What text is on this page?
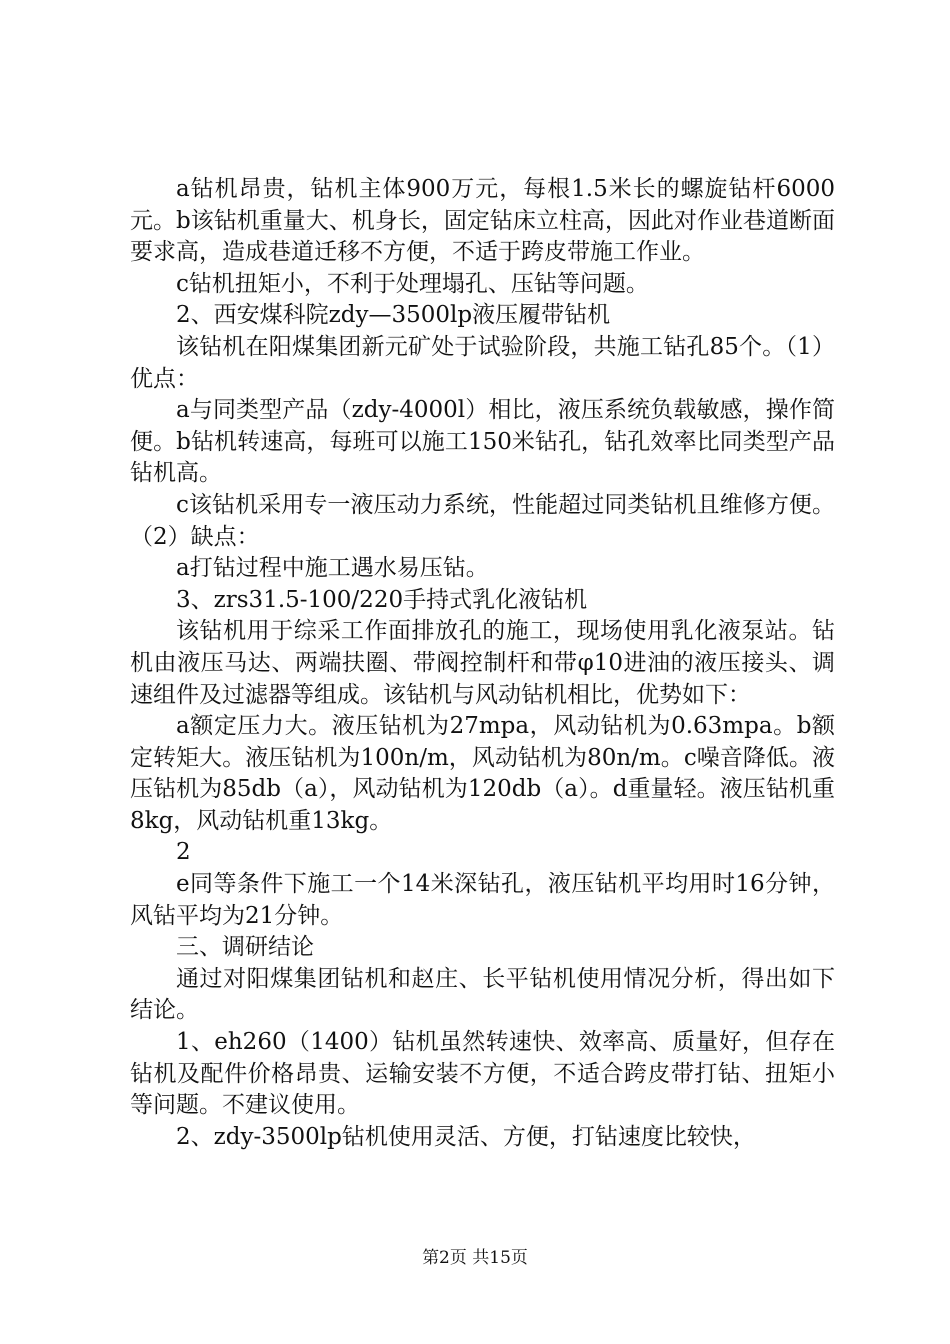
a钻机昂贵，钻机主体900万元，每根1.5米长的螺旋钻杆6000元。b该钻机重量大、机身长，固定钻床立柱高，因此对作业巷道断面要求高，造成巷道迁移不方便，不适于跨皮带施工作业。

c钻机扭矩小，不利于处理塌孔、压钻等问题。

2、西安煤科院zdy—3500lp液压履带钻机

该钻机在阳煤集团新元矿处于试验阶段，共施工钻孔85个。（1）优点：

a与同类型产品（zdy-4000l）相比，液压系统负载敏感，操作简便。b钻机转速高，每班可以施工150米钻孔，钻孔效率比同类型产品钻机高。

c该钻机采用专一液压动力系统，性能超过同类钻机且维修方便。（2）缺点：

a打钻过程中施工遇水易压钻。

3、zrs31.5-100/220手持式乳化液钻机

该钻机用于综采工作面排放孔的施工，现场使用乳化液泵站。钻机由液压马达、两端扶圈、带阀控制杆和带φ10进油的液压接头、调速组件及过滤器等组成。该钻机与风动钻机相比，优势如下：

a额定压力大。液压钻机为27mpa，风动钻机为0.63mpa。b额定转矩大。液压钻机为100n/m，风动钻机为80n/m。c噪音降低。液压钻机为85db（a），风动钻机为120db（a）。d重量轻。液压钻机重8kg，风动钻机重13kg。

2

e同等条件下施工一个14米深钻孔，液压钻机平均用时16分钟，风钻平均为21分钟。

三、调研结论

通过对阳煤集团钻机和赵庄、长平钻机使用情况分析，得出如下结论。

1、eh260（1400）钻机虽然转速快、效率高、质量好，但存在钻机及配件价格昂贵、运输安装不方便，不适合跨皮带打钻、扭矩小等问题。不建议使用。

2、zdy-3500lp钻机使用灵活、方便，打钻速度比较快，

第2页 共15页
